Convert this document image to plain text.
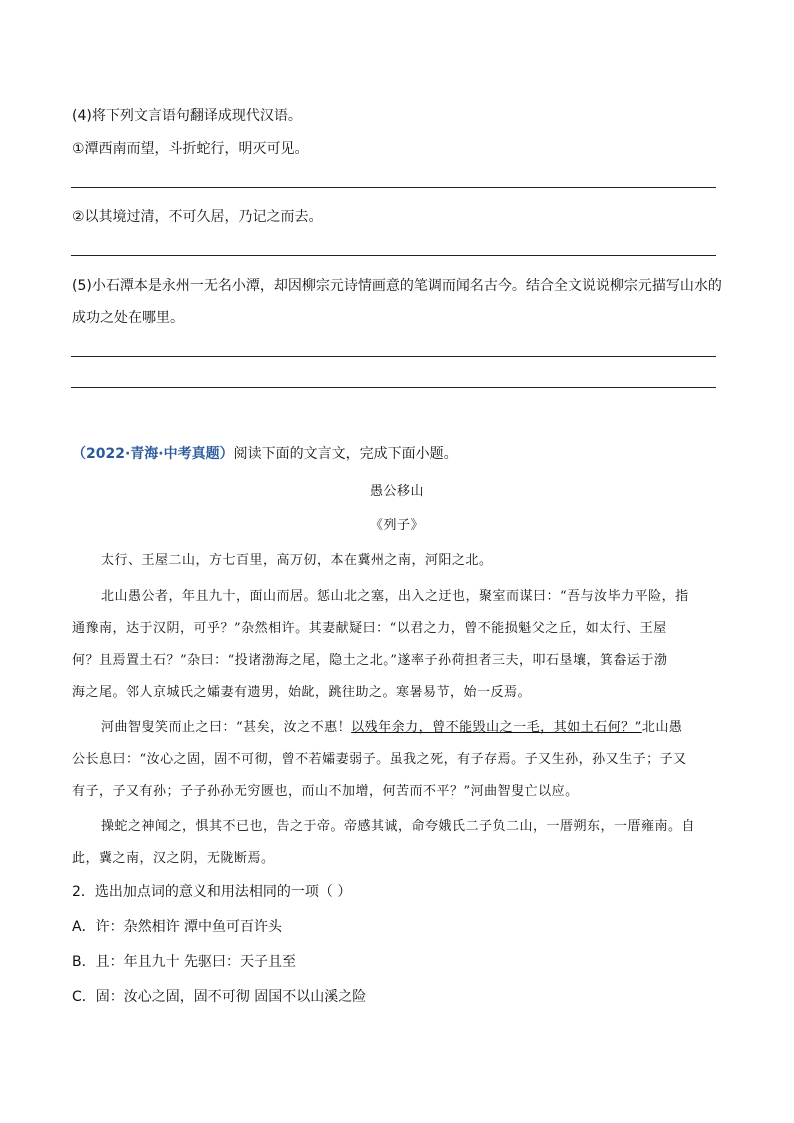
(4)将下列文言语句翻译成现代汉语。
①潭西南而望，斗折蛇行，明灭可见。
②以其境过清，不可久居，乃记之而去。
(5)小石潭本是永州一无名小潭，却因柳宗元诗情画意的笔调而闻名古今。结合全文说说柳宗元描写山水的
成功之处在哪里。
（2022·青海·中考真题）阅读下面的文言文，完成下面小题。
愚公移山
《列子》
太行、王屋二山，方七百里，高万仞，本在冀州之南，河阳之北。
北山愚公者，年且九十，面山而居。惩山北之塞，出入之迂也，聚室而谋曰：“吾与汝毕力平险，指
通豫南，达于汉阴，可乎？”杂然相许。其妻献疑曰：“以君之力，曾不能损魁父之丘，如太行、王屋
何？且焉置土石？”杂曰：“投诸渤海之尾，隐土之北。”遂率子孙荷担者三夫，叩石垦壤，箕畚运于渤
海之尾。邻人京城氏之孀妻有遗男，始龀，跳往助之。寒暑易节，始一反焉。
河曲智叟笑而止之曰：“甚矣，汝之不惠！以残年余力，曾不能毁山之一毛，其如土石何？”北山愚
公长息曰：“汝心之固，固不可彻，曾不若孀妻弱子。虽我之死，有子存焉。子又生孙，孙又生子；子又
有子，子又有孙；子子孙孙无穷匮也，而山不加增，何苦而不平？”河曲智叟亡以应。
操蛇之神闻之，惧其不已也，告之于帝。帝感其诚，命夸娥氏二子负二山，一厝朔东，一厝雍南。自
此，冀之南，汉之阴，无陇断焉。
2．选出加点词的意义和用法相同的一项（ ）
A．许：杂然相许 潭中鱼可百许头
B．且：年且九十 先驱曰：天子且至
C．固：汝心之固，固不可彻 固国不以山溪之险
